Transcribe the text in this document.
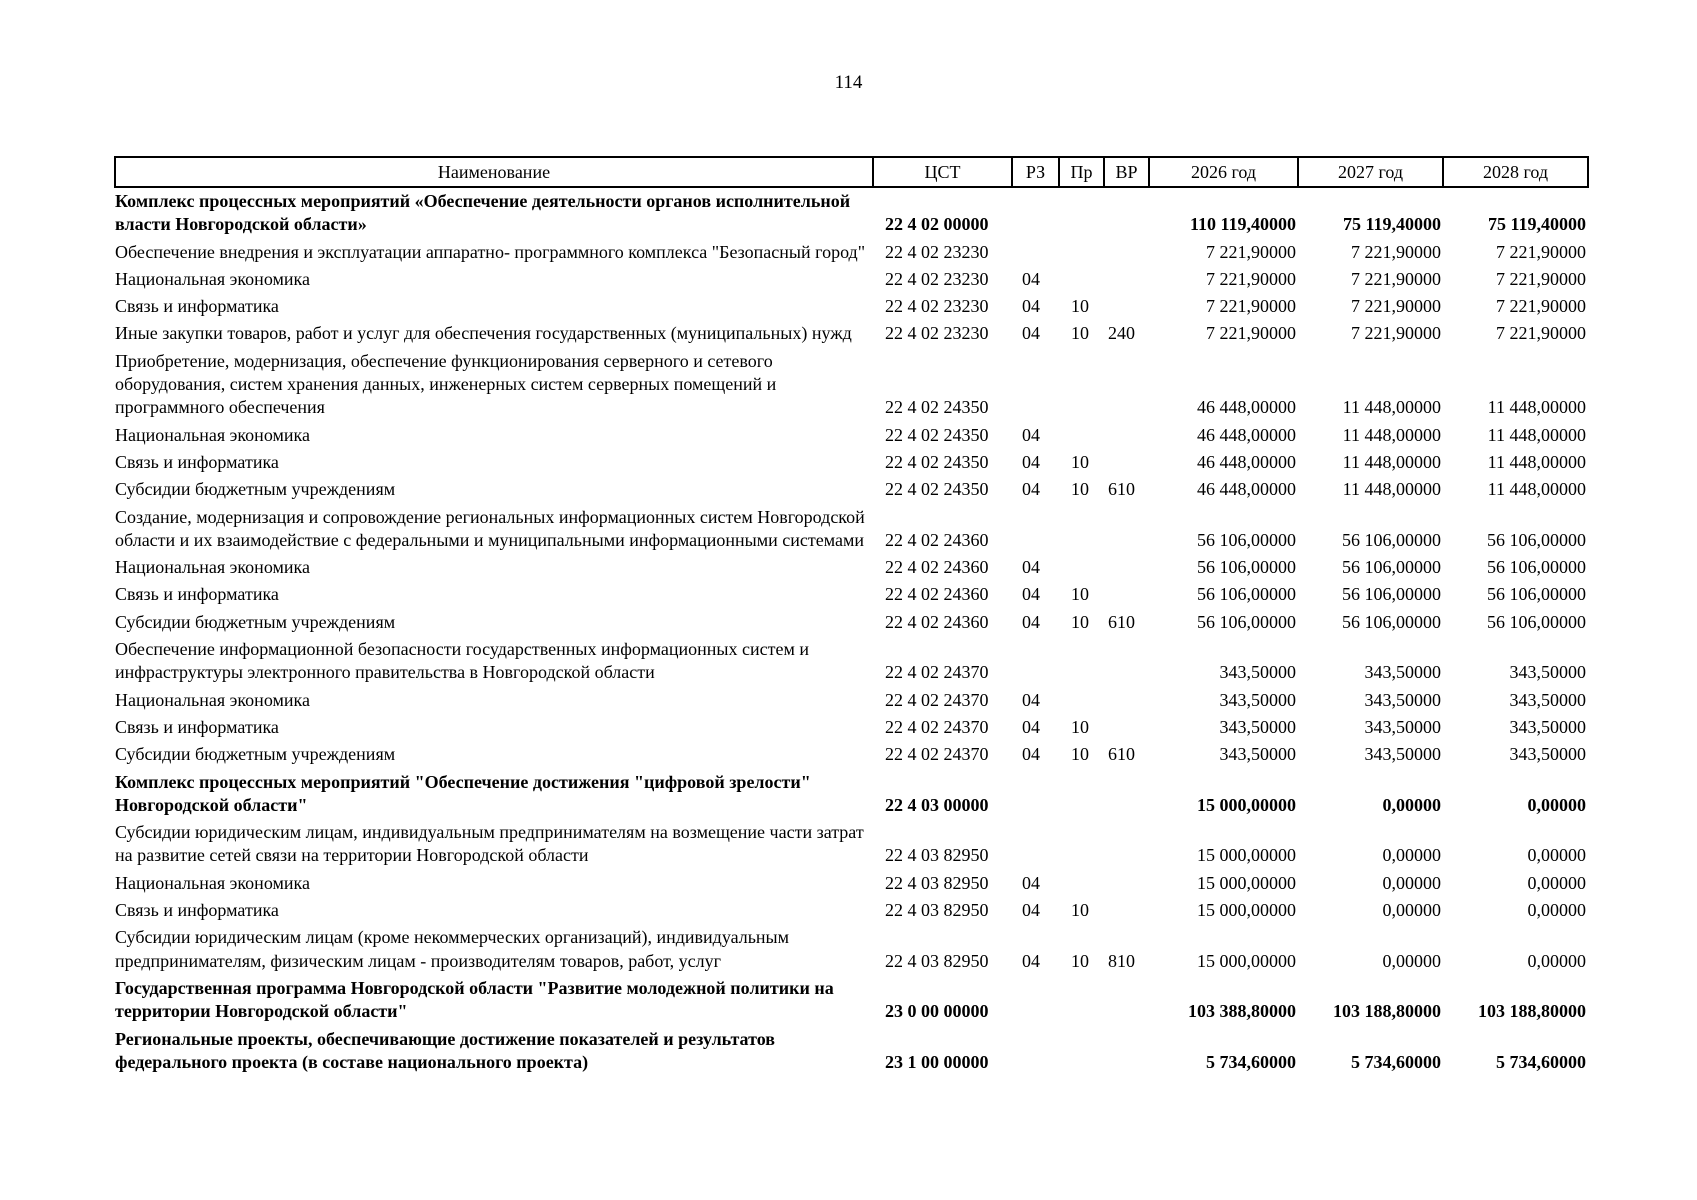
114
Наименование	ЦСТ	РЗ	Пр	ВР	2026 год	2027 год	2028 год
Комплекс процессных мероприятий «Обеспечение деятельности органов исполнительной власти Новгородской области»	22 4 02 00000				110 119,40000	75 119,40000	75 119,40000
Обеспечение внедрения и эксплуатации аппаратно- программного комплекса "Безопасный город"	22 4 02 23230				7 221,90000	7 221,90000	7 221,90000
Национальная экономика	22 4 02 23230	04			7 221,90000	7 221,90000	7 221,90000
Связь и информатика	22 4 02 23230	04	10		7 221,90000	7 221,90000	7 221,90000
Иные закупки товаров, работ и услуг для обеспечения государственных (муниципальных) нужд	22 4 02 23230	04	10	240	7 221,90000	7 221,90000	7 221,90000
Приобретение, модернизация, обеспечение функционирования серверного и сетевого оборудования, систем хранения данных, инженерных систем серверных помещений и программного обеспечения	22 4 02 24350				46 448,00000	11 448,00000	11 448,00000
Национальная экономика	22 4 02 24350	04			46 448,00000	11 448,00000	11 448,00000
Связь и информатика	22 4 02 24350	04	10		46 448,00000	11 448,00000	11 448,00000
Субсидии бюджетным учреждениям	22 4 02 24350	04	10	610	46 448,00000	11 448,00000	11 448,00000
Создание, модернизация и сопровождение региональных информационных систем Новгородской области и их взаимодействие с федеральными и муниципальными информационными системами	22 4 02 24360				56 106,00000	56 106,00000	56 106,00000
Национальная экономика	22 4 02 24360	04			56 106,00000	56 106,00000	56 106,00000
Связь и информатика	22 4 02 24360	04	10		56 106,00000	56 106,00000	56 106,00000
Субсидии бюджетным учреждениям	22 4 02 24360	04	10	610	56 106,00000	56 106,00000	56 106,00000
Обеспечение информационной безопасности государственных информационных систем и инфраструктуры электронного правительства в Новгородской области	22 4 02 24370				343,50000	343,50000	343,50000
Национальная экономика	22 4 02 24370	04			343,50000	343,50000	343,50000
Связь и информатика	22 4 02 24370	04	10		343,50000	343,50000	343,50000
Субсидии бюджетным учреждениям	22 4 02 24370	04	10	610	343,50000	343,50000	343,50000
Комплекс процессных мероприятий "Обеспечение достижения "цифровой зрелости" Новгородской области"	22 4 03 00000				15 000,00000	0,00000	0,00000
Субсидии юридическим лицам, индивидуальным предпринимателям на возмещение части затрат на развитие сетей связи на территории Новгородской области	22 4 03 82950				15 000,00000	0,00000	0,00000
Национальная экономика	22 4 03 82950	04			15 000,00000	0,00000	0,00000
Связь и информатика	22 4 03 82950	04	10		15 000,00000	0,00000	0,00000
Субсидии юридическим лицам (кроме некоммерческих организаций), индивидуальным предпринимателям, физическим лицам - производителям товаров, работ, услуг	22 4 03 82950	04	10	810	15 000,00000	0,00000	0,00000
Государственная программа Новгородской области "Развитие молодежной политики на территории Новгородской области"	23 0 00 00000				103 388,80000	103 188,80000	103 188,80000
Региональные проекты, обеспечивающие достижение показателей и результатов федерального проекта (в составе национального проекта)	23 1 00 00000				5 734,60000	5 734,60000	5 734,60000
